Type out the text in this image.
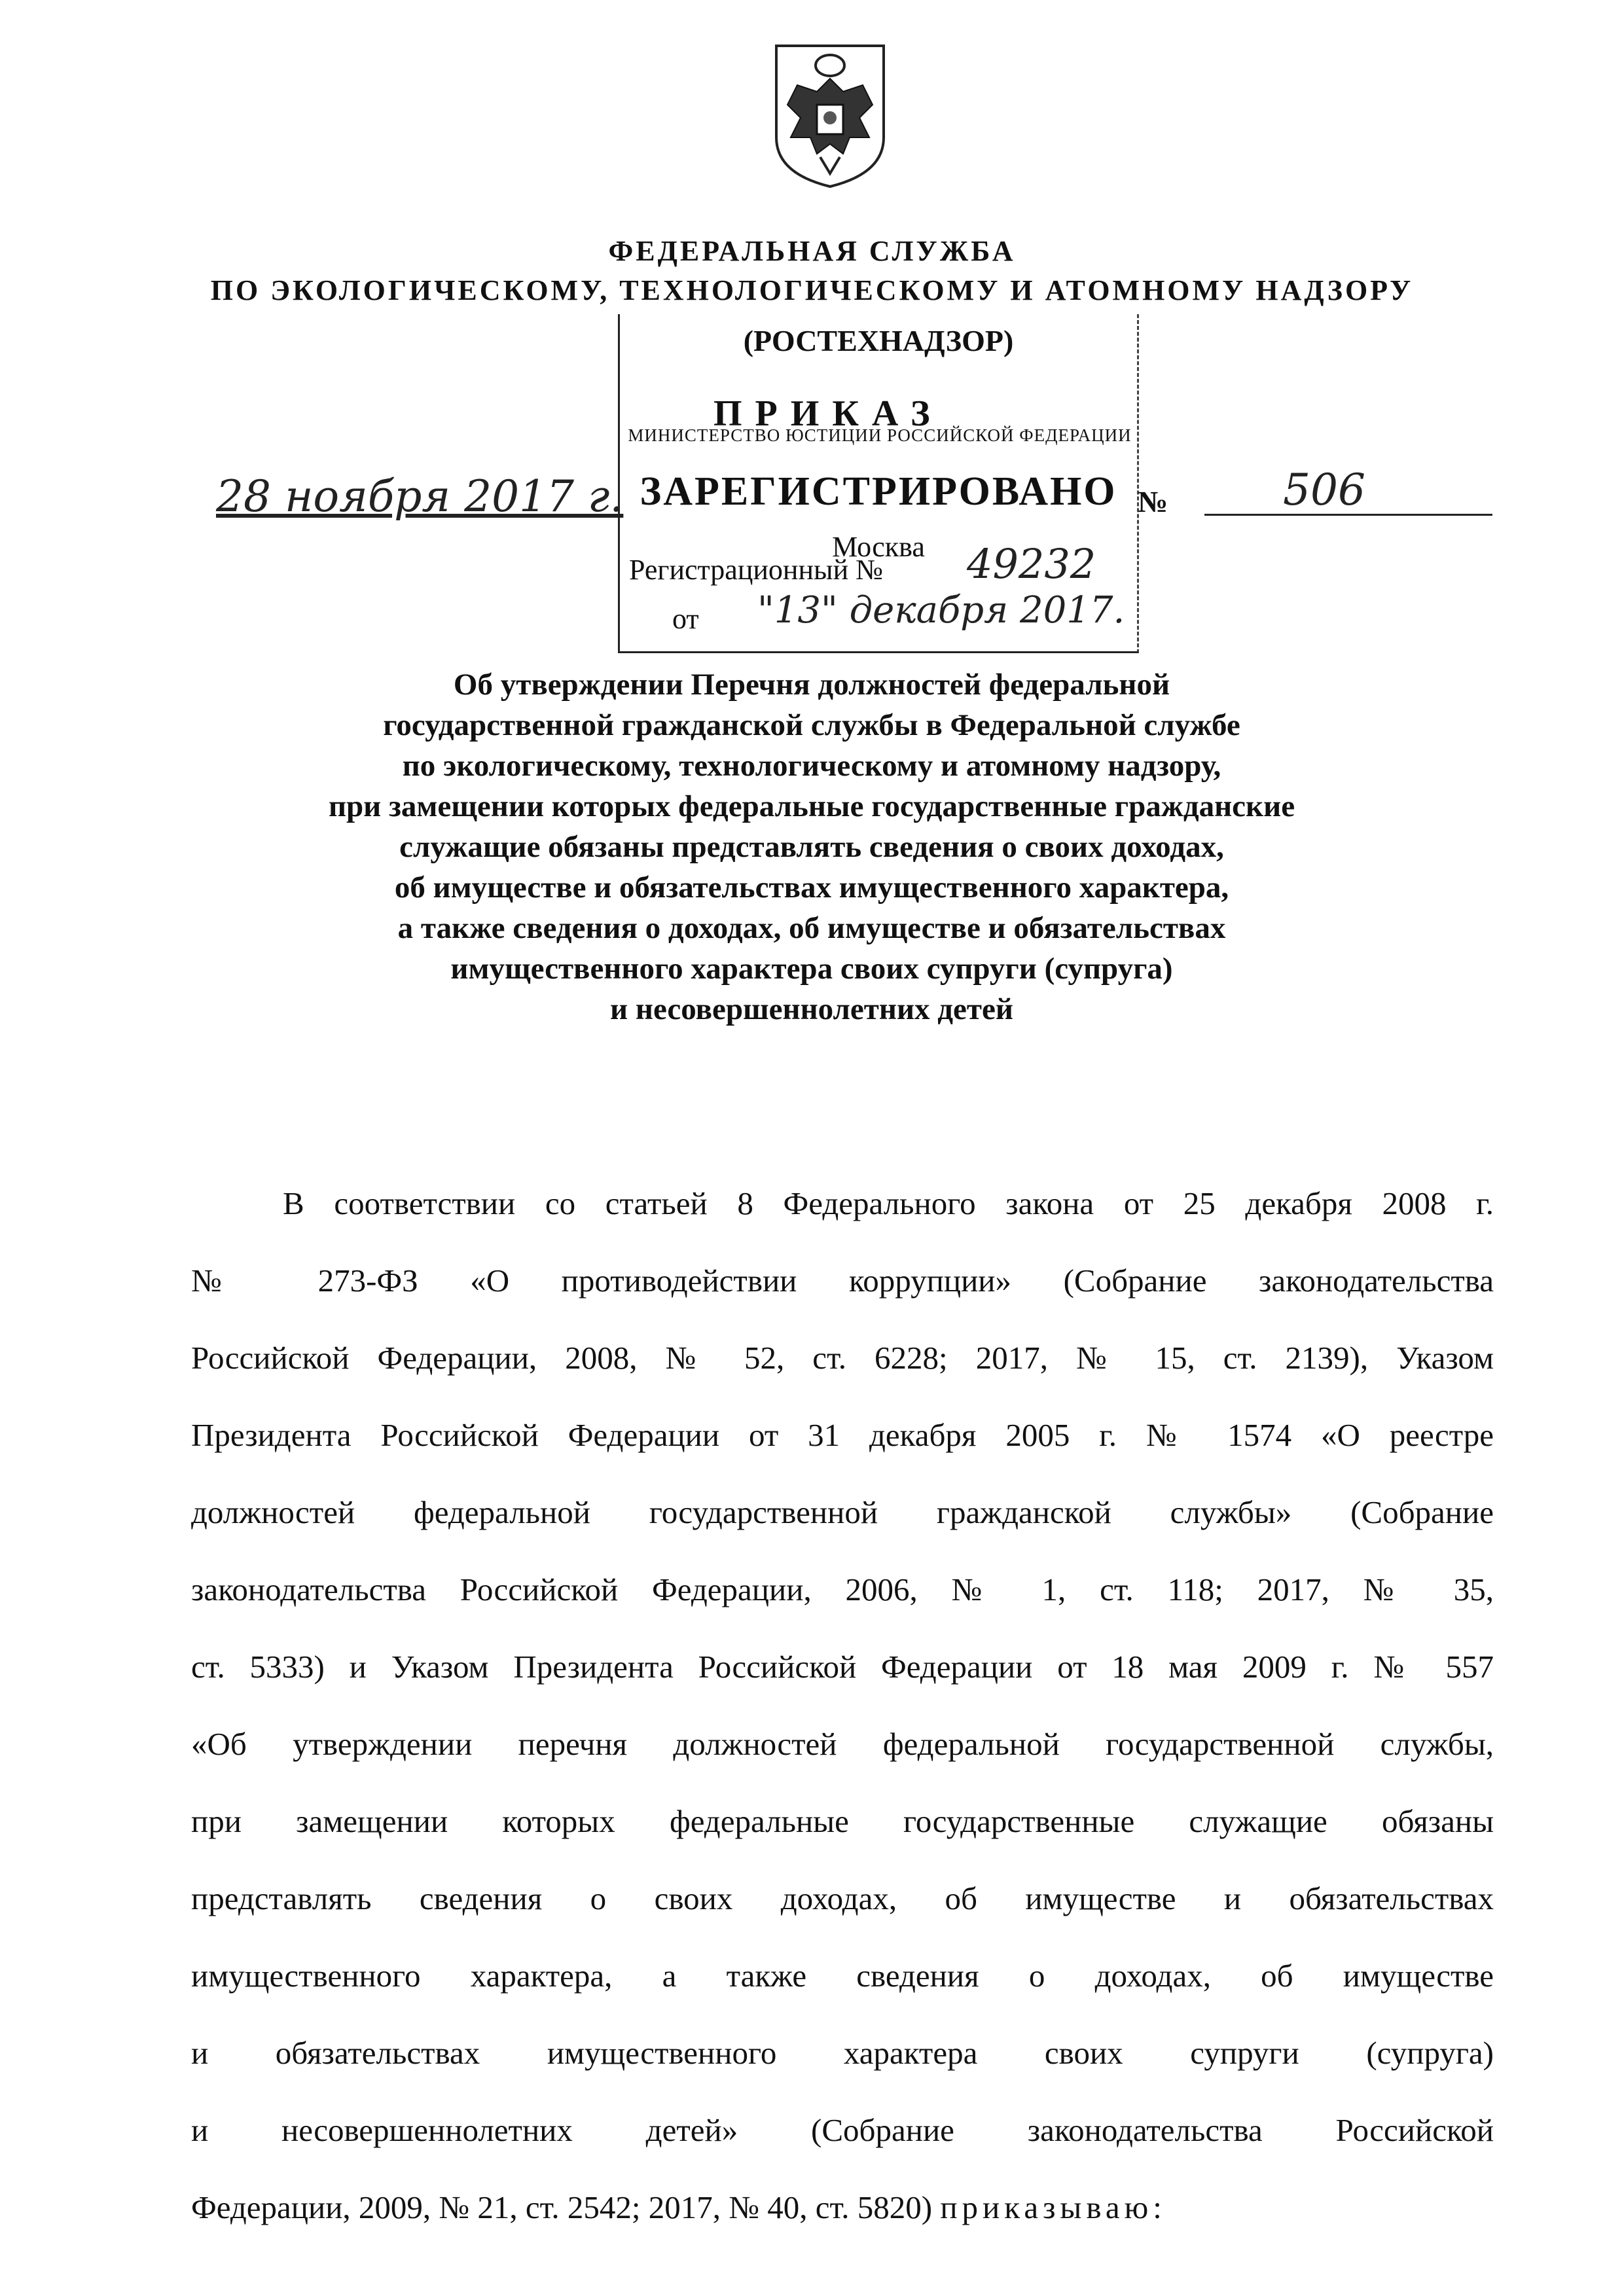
ФЕДЕРАЛЬНАЯ СЛУЖБА
ПО ЭКОЛОГИЧЕСКОМУ, ТЕХНОЛОГИЧЕСКОМУ И АТОМНОМУ НАДЗОРУ
(РОСТЕХНАДЗОР)
МИНИСТЕРСТВО ЮСТИЦИИ РОССИЙСКОЙ ФЕДЕРАЦИИ
ЗАРЕГИСТРИРОВАНО
Москва
Регистрационный № 49232
от "13" декабря 2017.
ПРИКАЗ
28 ноября 2017 г.	№	506
Об утверждении Перечня должностей федеральной
государственной гражданской службы в Федеральной службе
по экологическому, технологическому и атомному надзору,
при замещении которых федеральные государственные гражданские
служащие обязаны представлять сведения о своих доходах,
об имуществе и обязательствах имущественного характера,
а также сведения о доходах, об имуществе и обязательствах
имущественного характера своих супруги (супруга)
и несовершеннолетних детей
В соответствии со статьей 8 Федерального закона от 25 декабря 2008 г.
№ 273-ФЗ «О противодействии коррупции» (Собрание законодательства
Российской Федерации, 2008, № 52, ст. 6228; 2017, № 15, ст. 2139), Указом
Президента Российской Федерации от 31 декабря 2005 г. № 1574 «О реестре
должностей федеральной государственной гражданской службы» (Собрание
законодательства Российской Федерации, 2006, № 1, ст. 118; 2017, № 35,
ст. 5333) и Указом Президента Российской Федерации от 18 мая 2009 г. № 557
«Об утверждении перечня должностей федеральной государственной службы,
при замещении которых федеральные государственные служащие обязаны
представлять сведения о своих доходах, об имуществе и обязательствах
имущественного характера, а также сведения о доходах, об имуществе
и обязательствах имущественного характера своих супруги (супруга)
и несовершеннолетних детей» (Собрание законодательства Российской
Федерации, 2009, № 21, ст. 2542; 2017, № 40, ст. 5820) приказываю:
